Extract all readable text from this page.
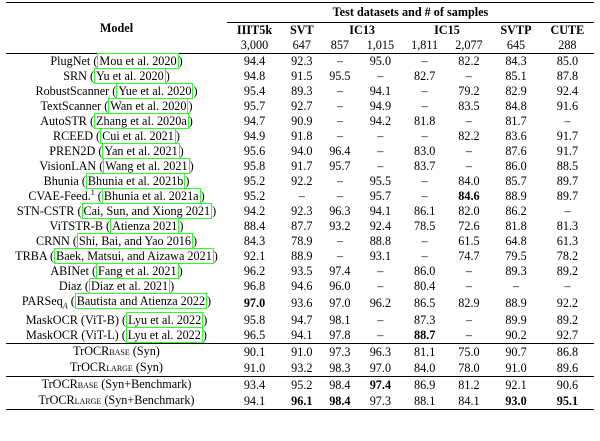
Model	Test datasets and # of samples							
	IIIT5k	SVT	IC13		IC15		SVTP	CUTE
	3,000	647	857	1,015	1,811	2,077	645	288
PlugNet ( Mou et al. 2020 )	94.4	92.3	–	95.0	–	82.2	84.3	85.0
SRN ( Yu et al. 2020 )	94.8	91.5	95.5	–	82.7	–	85.1	87.8
RobustScanner ( Yue et al. 2020 )	95.4	89.3	–	94.1	–	79.2	82.9	92.4
TextScanner ( Wan et al. 2020 )	95.7	92.7	–	94.9	–	83.5	84.8	91.6
AutoSTR ( Zhang et al. 2020a )	94.7	90.9	–	94.2	81.8	–	81.7	–
RCEED ( Cui et al. 2021 )	94.9	91.8	–	–	–	82.2	83.6	91.7
PREN2D ( Yan et al. 2021 )	95.6	94.0	96.4	–	83.0	–	87.6	91.7
VisionLAN ( Wang et al. 2021 )	95.8	91.7	95.7	–	83.7	–	86.0	88.5
Bhunia ( Bhunia et al. 2021b )	95.2	92.2	–	95.5	–	84.0	85.7	89.7
CVAE-Feed.$^1$ ( Bhunia et al. 2021a )	95.2	–	–	95.7	–	84.6	88.9	89.7
STN-CSTR ( Cai, Sun, and Xiong 2021 )	94.2	92.3	96.3	94.1	86.1	82.0	86.2	–
ViTSTR-B ( Atienza 2021 )	88.4	87.7	93.2	92.4	78.5	72.6	81.8	81.3
CRNN ( Shi, Bai, and Yao 2016 )	84.3	78.9	–	88.8	–	61.5	64.8	61.3
TRBA ( Baek, Matsui, and Aizawa 2021 )	92.1	88.9	–	93.1	–	74.7	79.5	78.2
ABINet ( Fang et al. 2021 )	96.2	93.5	97.4	–	86.0	–	89.3	89.2
Diaz ( Diaz et al. 2021 )	96.8	94.6	96.0	–	80.4	–	–	–
PARSeq$_A$ ( Bautista and Atienza 2022 )	97.0	93.6	97.0	96.2	86.5	82.9	88.9	92.2
MaskOCR (ViT-B) ( Lyu et al. 2022 )	95.8	94.7	98.1	–	87.3	–	89.9	89.2
MaskOCR (ViT-L) ( Lyu et al. 2022 )	96.5	94.1	97.8	–	88.7	–	90.2	92.7
TrOCRBASE (Syn)	90.1	91.0	97.3	96.3	81.1	75.0	90.7	86.8
TrOCRLARGE (Syn)	91.0	93.2	98.3	97.0	84.0	78.0	91.0	89.6
TrOCRBASE (Syn+Benchmark)	93.4	95.2	98.4	97.4	86.9	81.2	92.1	90.6
TrOCRLARGE (Syn+Benchmark)	94.1	96.1	98.4	97.3	88.1	84.1	93.0	95.1
